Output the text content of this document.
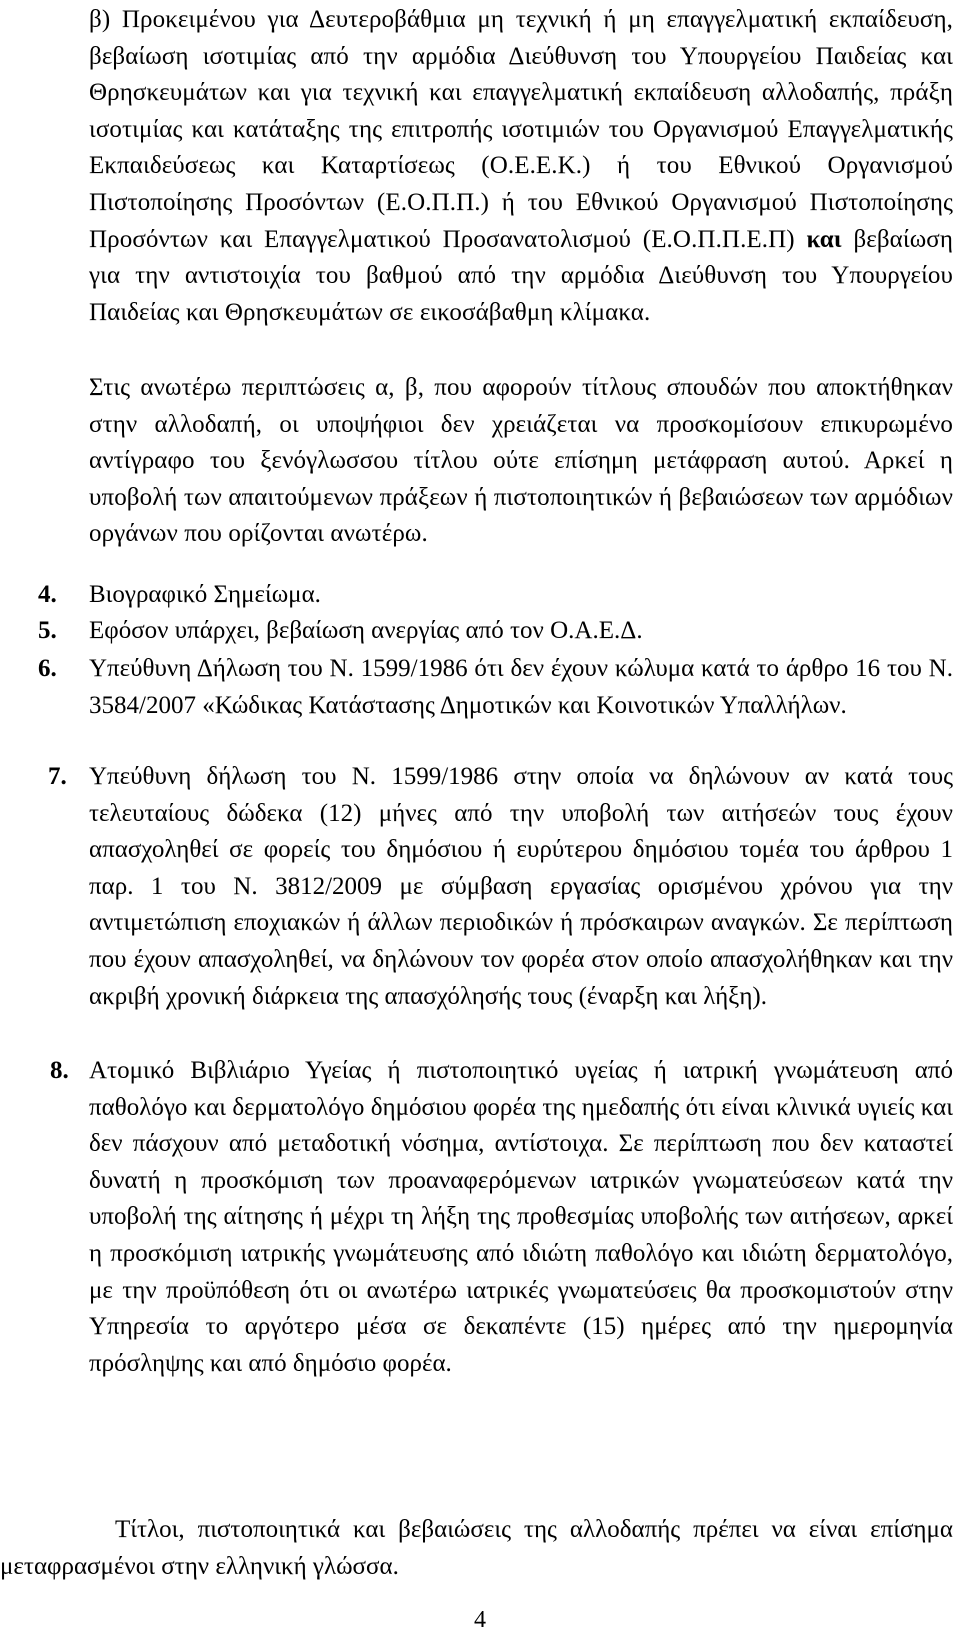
β) Προκειμένου για Δευτεροβάθμια μη τεχνική ή μη επαγγελματική εκπαίδευση, βεβαίωση ισοτιμίας από την αρμόδια Διεύθυνση του Υπουργείου Παιδείας και Θρησκευμάτων και για τεχνική και επαγγελματική εκπαίδευση αλλοδαπής, πράξη ισοτιμίας και κατάταξης της επιτροπής ισοτιμιών του Οργανισμού Επαγγελματικής Εκπαιδεύσεως και Καταρτίσεως (Ο.Ε.Ε.Κ.) ή του Εθνικού Οργανισμού Πιστοποίησης Προσόντων (Ε.Ο.Π.Π.) ή του Εθνικού Οργανισμού Πιστοποίησης Προσόντων και Επαγγελματικού Προσανατολισμού (Ε.Ο.Π.Π.Ε.Π) και βεβαίωση για την αντιστοιχία του βαθμού από την αρμόδια Διεύθυνση του Υπουργείου Παιδείας και Θρησκευμάτων σε εικοσάβαθμη κλίμακα.

Στις ανωτέρω περιπτώσεις α, β, που αφορούν τίτλους σπουδών που αποκτήθηκαν στην αλλοδαπή, οι υποψήφιοι δεν χρειάζεται να προσκομίσουν επικυρωμένο αντίγραφο του ξενόγλωσσου τίτλου ούτε επίσημη μετάφραση αυτού. Αρκεί η υποβολή των απαιτούμενων πράξεων ή πιστοποιητικών ή βεβαιώσεων των αρμόδιων οργάνων που ορίζονται ανωτέρω.

4. Βιογραφικό Σημείωμα.
5. Εφόσον υπάρχει, βεβαίωση ανεργίας από τον Ο.Α.Ε.Δ.
6. Υπεύθυνη Δήλωση του Ν. 1599/1986 ότι δεν έχουν κώλυμα κατά το άρθρο 16 του Ν. 3584/2007 «Κώδικας Κατάστασης Δημοτικών και Κοινοτικών Υπαλλήλων.
7. Υπεύθυνη δήλωση του Ν. 1599/1986 στην οποία να δηλώνουν αν κατά τους τελευταίους δώδεκα (12) μήνες από την υποβολή των αιτήσεών τους έχουν απασχοληθεί σε φορείς του δημόσιου ή ευρύτερου δημόσιου τομέα του άρθρου 1 παρ. 1 του Ν. 3812/2009 με σύμβαση εργασίας ορισμένου χρόνου για την αντιμετώπιση εποχιακών ή άλλων περιοδικών ή πρόσκαιρων αναγκών. Σε περίπτωση που έχουν απασχοληθεί, να δηλώνουν τον φορέα στον οποίο απασχολήθηκαν και την ακριβή χρονική διάρκεια της απασχόλησής τους (έναρξη και λήξη).
8. Ατομικό Βιβλιάριο Υγείας ή πιστοποιητικό υγείας ή ιατρική γνωμάτευση από παθολόγο και δερματολόγο δημόσιου φορέα της ημεδαπής ότι είναι κλινικά υγιείς και δεν πάσχουν από μεταδοτική νόσημα, αντίστοιχα. Σε περίπτωση που δεν καταστεί δυνατή η προσκόμιση των προαναφερόμενων ιατρικών γνωματεύσεων κατά την υποβολή της αίτησης ή μέχρι τη λήξη της προθεσμίας υποβολής των αιτήσεων, αρκεί η προσκόμιση ιατρικής γνωμάτευσης από ιδιώτη παθολόγο και ιδιώτη δερματολόγο, με την προϋπόθεση ότι οι ανωτέρω ιατρικές γνωματεύσεις θα προσκομιστούν στην Υπηρεσία το αργότερο μέσα σε δεκαπέντε (15) ημέρες από την ημερομηνία πρόσληψης και από δημόσιο φορέα.
Τίτλοι, πιστοποιητικά και βεβαιώσεις της αλλοδαπής πρέπει να είναι επίσημα μεταφρασμένοι στην ελληνική γλώσσα.
4
